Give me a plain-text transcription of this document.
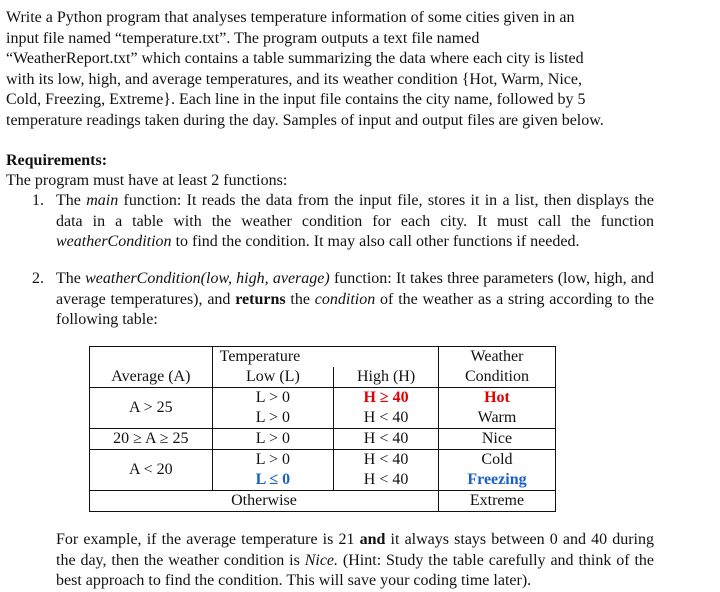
Write a Python program that analyses temperature information of some cities given in an
input file named “temperature.txt”. The program outputs a text file named
“WeatherReport.txt” which contains a table summarizing the data where each city is listed
with its low, high, and average temperatures, and its weather condition {Hot, Warm, Nice,
Cold, Freezing, Extreme}. Each line in the input file contains the city name, followed by 5
temperature readings taken during the day. Samples of input and output files are given below.

Requirements:

The program must have at least 2 functions:

1. The main function: It reads the data from the input file, stores it in a list, then displays the data in a table with the weather condition for each city. It must call the function weatherCondition to find the condition. It may also call other functions if needed.
2. The weatherCondition(low, high, average) function: It takes three parameters (low, high, and average temperatures), and returns the condition of the weather as a string according to the following table:
	Temperature		Weather
Average (A)	Low (L)	High (H)	Condition
A > 25	L > 0	H ≥ 40	Hot
	L > 0	H < 40	Warm
20 ≥ A ≥ 25	L > 0	H < 40	Nice
A < 20	L > 0	H < 40	Cold
	L ≤ 0	H < 40	Freezing
Otherwise			Extreme
For example, if the average temperature is 21 and it always stays between 0 and 40 during the day, then the weather condition is Nice. (Hint: Study the table carefully and think of the best approach to find the condition. This will save your coding time later).
